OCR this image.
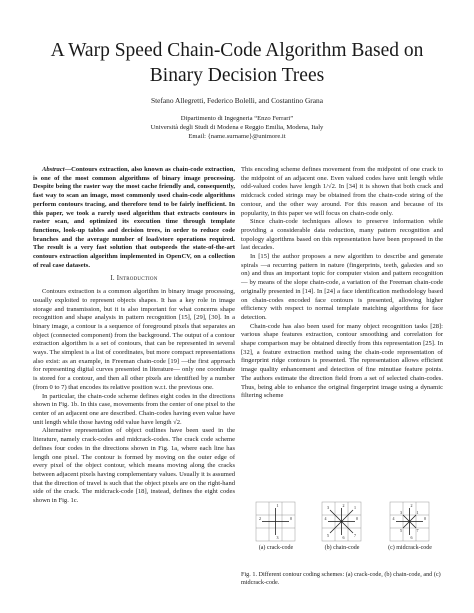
A Warp Speed Chain-Code Algorithm Based on
Binary Decision Trees
Stefano Allegretti, Federico Bolelli, and Costantino Grana
Dipartimento di Ingegneria “Enzo Ferrari”
Università degli Studi di Modena e Reggio Emilia, Modena, Italy
Email: {name.surname}@unimore.it

Abstract—Contours extraction, also known as chain-code extraction, is one of the most common algorithms of binary image processing. Despite being the raster way the most cache friendly and, consequently, fast way to scan an image, most commonly used chain-code algorithms perform contours tracing, and therefore tend to be fairly inefficient. In this paper, we took a rarely used algorithm that extracts contours in raster scan, and optimized its execution time through template functions, look-up tables and decision trees, in order to reduce code branches and the average number of load/store operations required. The result is a very fast solution that outspeeds the state-of-the-art contours extraction algorithm implemented in OpenCV, on a collection of real case datasets.

I. Introduction

Contours extraction is a common algorithm in binary image processing, usually exploited to represent objects shapes. It has a key role in image storage and transmission, but it is also important for what concerns shape recognition and shape analysis in pattern recognition [15], [29], [30]. In a binary image, a contour is a sequence of foreground pixels that separates an object (connected component) from the background. The output of a contour extraction algorithm is a set of contours, that can be represented in several ways. The simplest is a list of coordinates, but more compact representations also exist: as an example, in Freeman chain-code [19] —the first approach for representing digital curves presented in literature— only one coordinate is stored for a contour, and then all other pixels are identified by a number (from 0 to 7) that encodes its relative position w.r.t. the previous one.

In particular, the chain-code scheme defines eight codes in the directions shown in Fig. 1b. In this case, movements from the center of one pixel to the center of an adjacent one are described. Chain-codes having even value have unit length while those having odd value have length √2.

Alternative representation of object outlines have been used in the literature, namely crack-codes and midcrack-codes. The crack code scheme defines four codes in the directions shown in Fig. 1a, where each line has length one pixel. The contour is formed by moving on the outer edge of every pixel of the object contour, which means moving along the cracks between adjacent pixels having complementary values. Usually it is assumed that the direction of travel is such that the object pixels are on the right-hand side of the crack. The midcrack-code [18], instead, defines the eight codes shown in Fig. 1c.

This encoding scheme defines movement from the midpoint of one crack to the midpoint of an adjacent one. Even valued codes have unit length while odd-valued codes have length 1/√2. In [34] it is shown that both crack and midcrack coded strings may be obtained from the chain-code string of the contour, and the other way around. For this reason and because of its popularity, in this paper we will focus on chain-code only.

Since chain-code techniques allows to preserve information while providing a considerable data reduction, many pattern recognition and topology algorithms based on this representation have been proposed in the last decades.

In [15] the author proposes a new algorithm to describe and generate spirals —a recurring pattern in nature (fingerprints, teeth, galaxies and so on) and thus an important topic for computer vision and pattern recognition— by means of the slope chain-code, a variation of the Freeman chain-code originally presented in [14]. In [24] a face identification methodology based on chain-codes encoded face contours is presented, allowing higher efficiency with respect to normal template matching algorithms for face detection.

Chain-code has also been used for many object recognition tasks [28]: various shape features extraction, contour smoothing and correlation for shape comparison may be obtained directly from this representation [25]. In [32], a feature extraction method using the chain-code representation of fingerprint ridge contours is presented. The representation allows efficient image quality enhancement and detection of fine minutiae feature points. The authors estimate the direction field from a set of selected chain-codes. Thus, being able to enhance the original fingerprint image using a dynamic filtering scheme

0
1
2
3
(a) crack-code
0
1
2
3
4
5	6 7
(b) chain-code
0
1
2
3
4
5
6
7
(c) midcrack-code
Fig. 1. Different contour coding schemes: (a) crack-code, (b) chain-code, and (c) midcrack-code.
